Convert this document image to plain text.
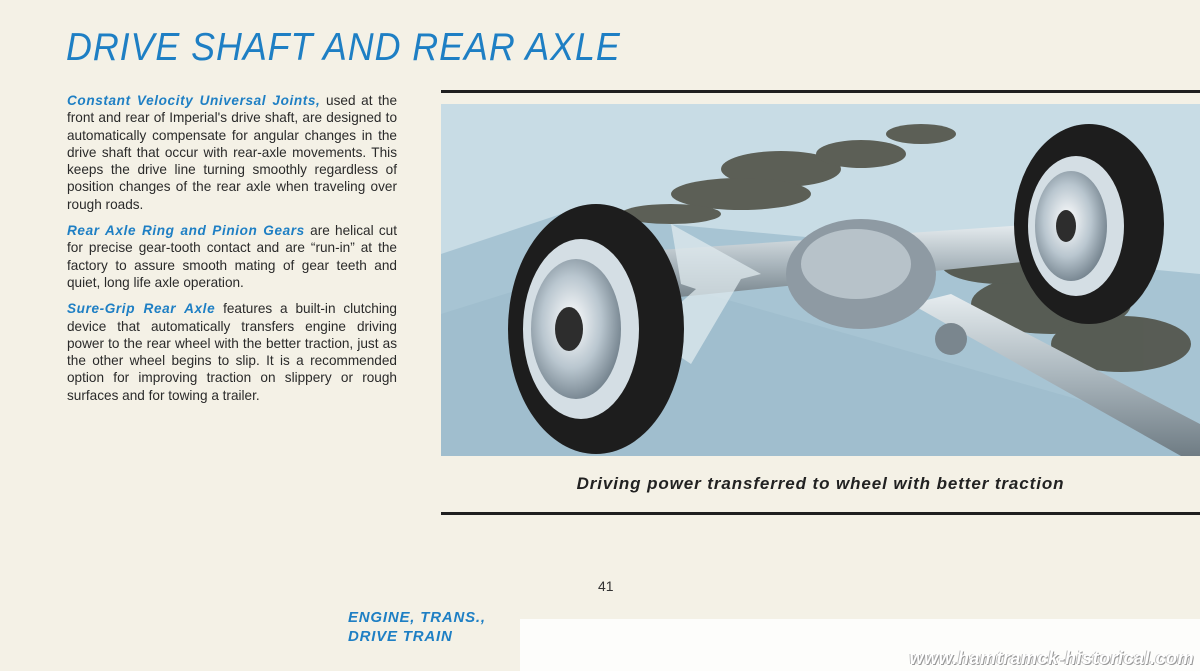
DRIVE SHAFT AND REAR AXLE

Constant Velocity Universal Joints, used at the front and rear of Imperial's drive shaft, are designed to automatically compensate for angular changes in the drive shaft that occur with rear-axle movements. This keeps the drive line turning smoothly regardless of position changes of the rear axle when traveling over rough roads.

Rear Axle Ring and Pinion Gears are helical cut for precise gear-tooth contact and are “run-in” at the factory to assure smooth mating of gear teeth and quiet, long life axle operation.

Sure-Grip Rear Axle features a built-in clutching device that automatically transfers engine driving power to the rear wheel with the better traction, just as the other wheel begins to slip. It is a recommended option for improving traction on slippery or rough surfaces and for towing a trailer.

Driving power transferred to wheel with better traction
41
ENGINE, TRANS.,
DRIVE TRAIN
www.hamtramck-historical.com
